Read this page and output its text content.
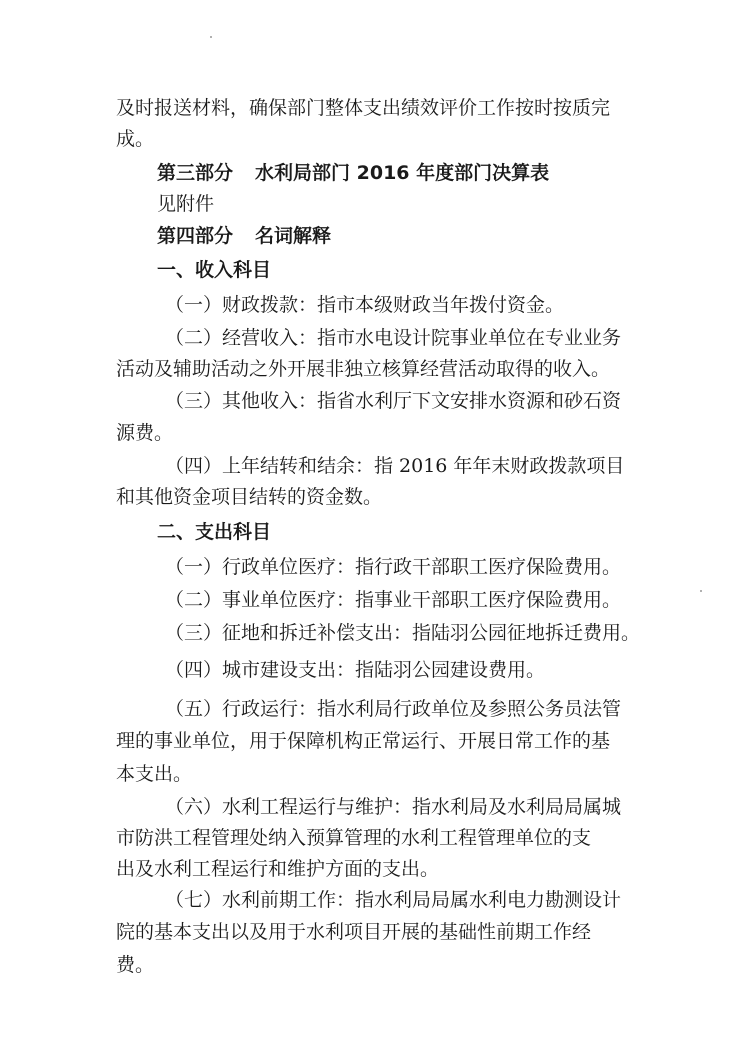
及时报送材料，确保部门整体支出绩效评价工作按时按质完
成。
第三部分 水利局部门 2016 年度部门决算表
见附件
第四部分 名词解释
一、收入科目
（一）财政拨款：指市本级财政当年拨付资金。
（二）经营收入：指市水电设计院事业单位在专业业务
活动及辅助活动之外开展非独立核算经营活动取得的收入。
（三）其他收入：指省水利厅下文安排水资源和砂石资
源费。
（四）上年结转和结余：指 2016 年年末财政拨款项目
和其他资金项目结转的资金数。
二、支出科目
（一）行政单位医疗：指行政干部职工医疗保险费用。
（二）事业单位医疗：指事业干部职工医疗保险费用。
（三）征地和拆迁补偿支出：指陆羽公园征地拆迁费用。
（四）城市建设支出：指陆羽公园建设费用。
（五）行政运行：指水利局行政单位及参照公务员法管
理的事业单位，用于保障机构正常运行、开展日常工作的基
本支出。
（六）水利工程运行与维护：指水利局及水利局局属城
市防洪工程管理处纳入预算管理的水利工程管理单位的支
出及水利工程运行和维护方面的支出。
（七）水利前期工作：指水利局局属水利电力勘测设计
院的基本支出以及用于水利项目开展的基础性前期工作经
费。
